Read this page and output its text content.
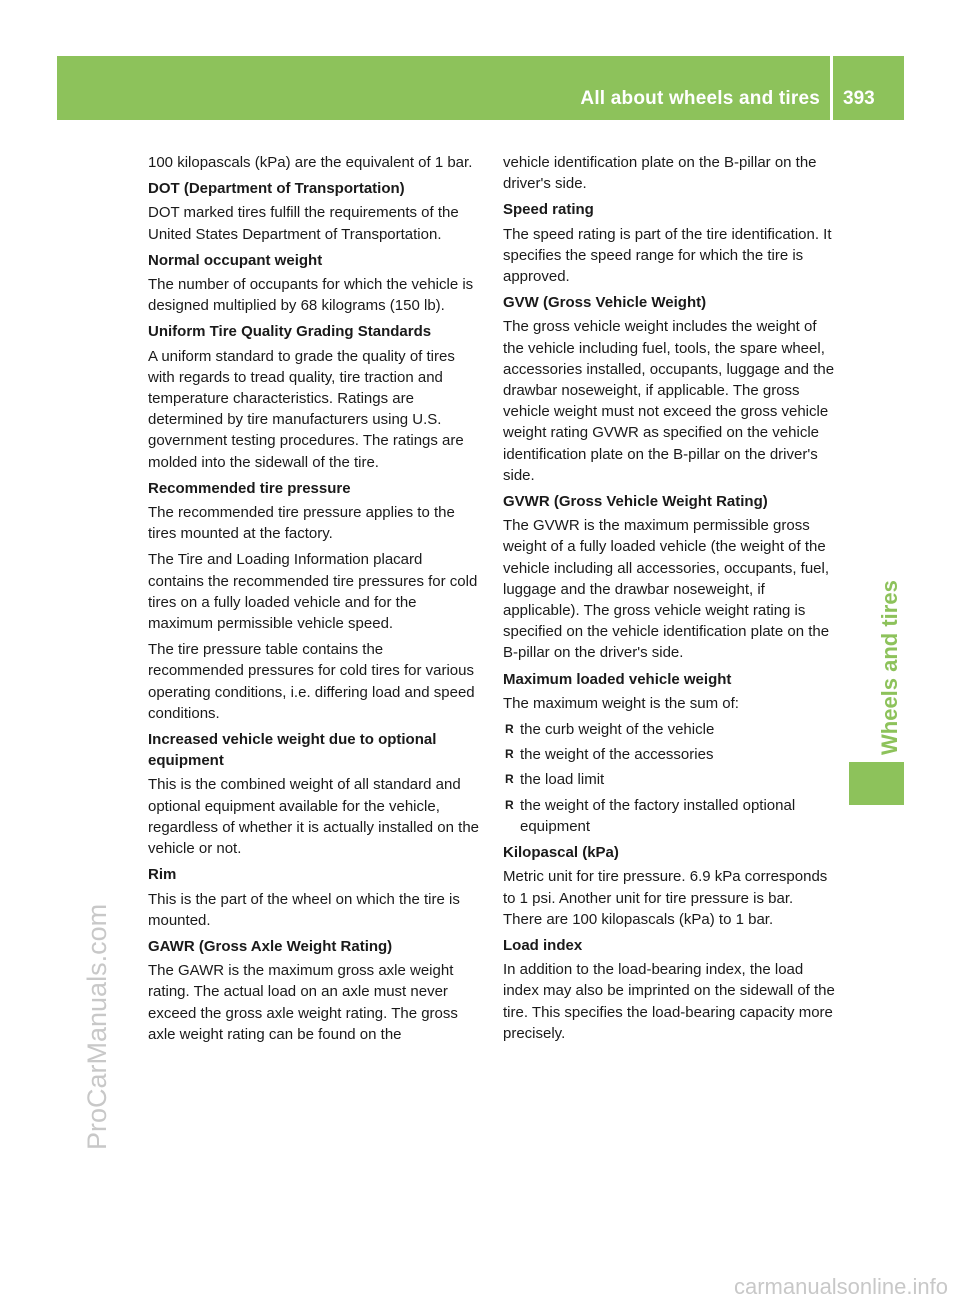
All about wheels and tires 393
Wheels and tires
ProCarManuals.com
carmanualsonline.info

100 kilopascals (kPa) are the equivalent of 1 bar.

DOT (Department of Transportation)

DOT marked tires fulfill the requirements of the United States Department of Transportation.

Normal occupant weight

The number of occupants for which the vehicle is designed multiplied by 68 kilograms (150 lb).

Uniform Tire Quality Grading Standards

A uniform standard to grade the quality of tires with regards to tread quality, tire traction and temperature characteristics. Ratings are determined by tire manufacturers using U.S. government testing procedures. The ratings are molded into the sidewall of the tire.

Recommended tire pressure

The recommended tire pressure applies to the tires mounted at the factory.

The Tire and Loading Information placard contains the recommended tire pressures for cold tires on a fully loaded vehicle and for the maximum permissible vehicle speed.

The tire pressure table contains the recommended pressures for cold tires for various operating conditions, i.e. differing load and speed conditions.

Increased vehicle weight due to optional equipment

This is the combined weight of all standard and optional equipment available for the vehicle, regardless of whether it is actually installed on the vehicle or not.

Rim

This is the part of the wheel on which the tire is mounted.

GAWR (Gross Axle Weight Rating)

The GAWR is the maximum gross axle weight rating. The actual load on an axle must never exceed the gross axle weight rating. The gross axle weight rating can be found on the

vehicle identification plate on the B-pillar on the driver's side.

Speed rating

The speed rating is part of the tire identification. It specifies the speed range for which the tire is approved.

GVW (Gross Vehicle Weight)

The gross vehicle weight includes the weight of the vehicle including fuel, tools, the spare wheel, accessories installed, occupants, luggage and the drawbar noseweight, if applicable. The gross vehicle weight must not exceed the gross vehicle weight rating GVWR as specified on the vehicle identification plate on the B-pillar on the driver's side.

GVWR (Gross Vehicle Weight Rating)

The GVWR is the maximum permissible gross weight of a fully loaded vehicle (the weight of the vehicle including all accessories, occupants, fuel, luggage and the drawbar noseweight, if applicable). The gross vehicle weight rating is specified on the vehicle identification plate on the B-pillar on the driver's side.

Maximum loaded vehicle weight

The maximum weight is the sum of:

R the curb weight of the vehicle
R the weight of the accessories
R the load limit
R the weight of the factory installed optional equipment

Kilopascal (kPa)

Metric unit for tire pressure. 6.9 kPa corresponds to 1 psi. Another unit for tire pressure is bar. There are 100 kilopascals (kPa) to 1 bar.

Load index

In addition to the load-bearing index, the load index may also be imprinted on the sidewall of the tire. This specifies the load-bearing capacity more precisely.
